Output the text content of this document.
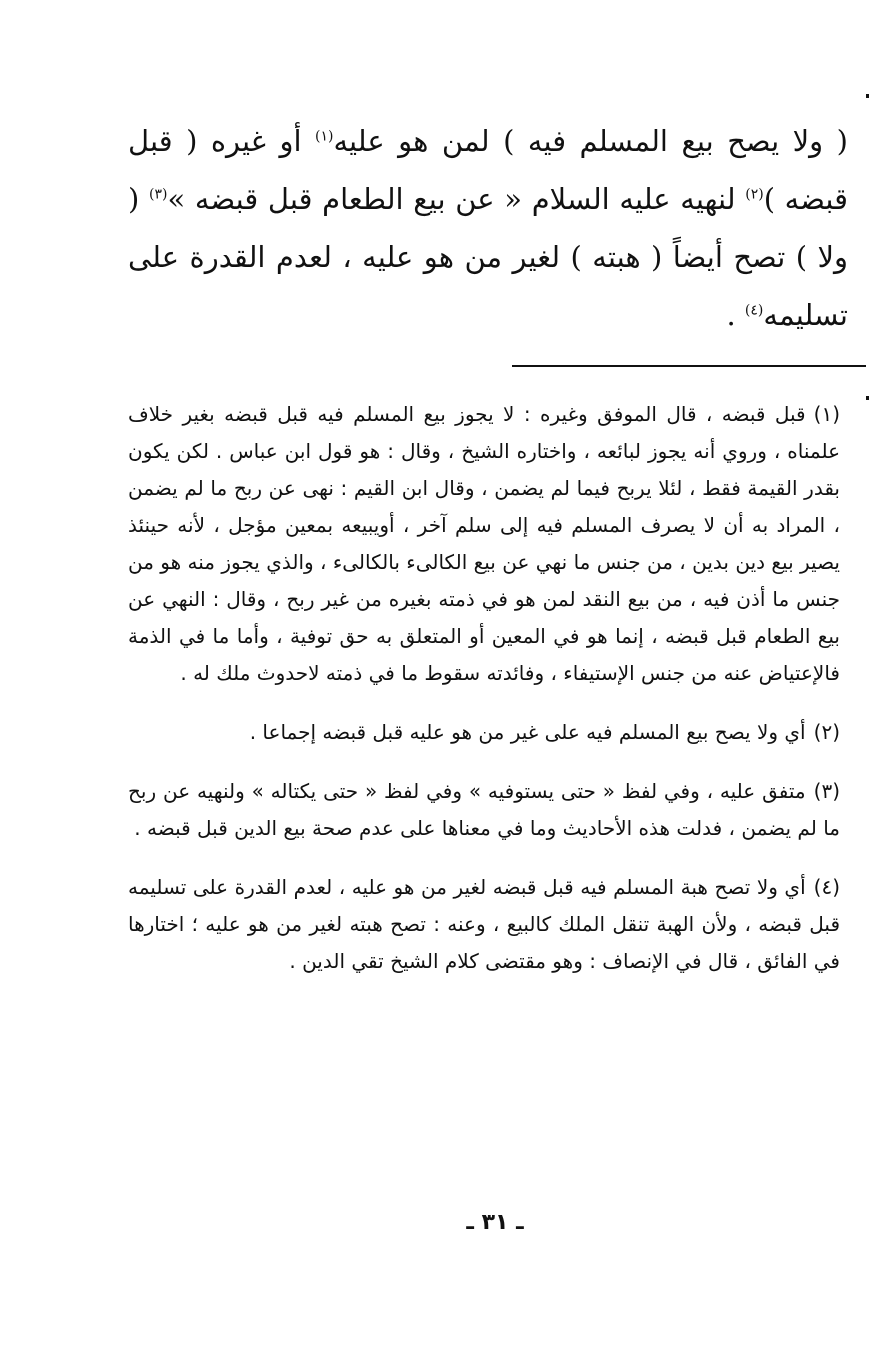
( ولا يصح بيع المسلم فيه ) لمن هو عليه$^{(١)}$ أو غيره ( قبل قبضه )$^{(٢)}$ لنهيه عليه السلام « عن بيع الطعام قبل قبضه »$^{(٣)}$ ( ولا ) تصح أيضاً ( هبته ) لغير من هو عليه ، لعدم القدرة على تسليمه$^{(٤)}$ .

(١)قبل قبضه ، قال الموفق وغيره : لا يجوز بيع المسلم فيه قبل قبضه بغير خلاف علمناه ، وروي أنه يجوز لبائعه ، واختاره الشيخ ، وقال : هو قول ابن عباس . لكن يكون بقدر القيمة فقط ، لئلا يربح فيما لم يضمن ، وقال ابن القيم : نهى عن ربح ما لم يضمن ، المراد به أن لا يصرف المسلم فيه إلى سلم آخر ، أويبيعه بمعين مؤجل ، لأنه حينئذ يصير بيع دين بدين ، من جنس ما نهي عن بيع الكالىء بالكالىء ، والذي يجوز منه هو من جنس ما أذن فيه ، من بيع النقد لمن هو في ذمته بغيره من غير ربح ، وقال : النهي عن بيع الطعام قبل قبضه ، إنما هو في المعين أو المتعلق به حق توفية ، وأما ما في الذمة فالإعتياض عنه من جنس الإستيفاء ، وفائدته سقوط ما في ذمته لاحدوث ملك له .

(٢)أي ولا يصح بيع المسلم فيه على غير من هو عليه قبل قبضه إجماعا .

(٣)متفق عليه ، وفي لفظ « حتى يستوفيه » وفي لفظ « حتى يكتاله » ولنهيه عن ربح ما لم يضمن ، فدلت هذه الأحاديث وما في معناها على عدم صحة بيع الدين قبل قبضه .

(٤)أي ولا تصح هبة المسلم فيه قبل قبضه لغير من هو عليه ، لعدم القدرة على تسليمه قبل قبضه ، ولأن الهبة تنقل الملك كالبيع ، وعنه : تصح هبته لغير من هو عليه ؛ اختارها في الفائق ، قال في الإنصاف : وهو مقتضى كلام الشيخ تقي الدين .

ـ ٣١ ـ
